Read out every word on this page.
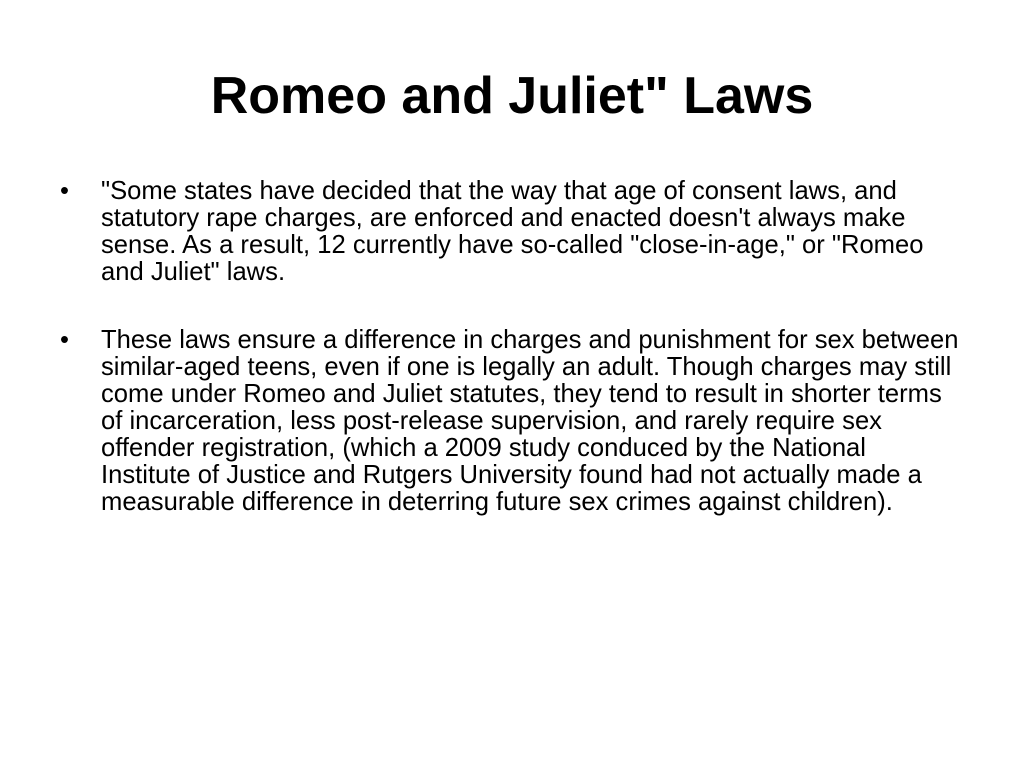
Romeo and Juliet" Laws
•	"Some states have decided that the way that age of consent laws, and statutory rape charges, are enforced and enacted doesn't always make sense. As a result, 12 currently have so-called "close-in-age," or "Romeo and Juliet" laws.
•	These laws ensure a difference in charges and punishment for sex between similar-aged teens, even if one is legally an adult. Though charges may still come under Romeo and Juliet statutes, they tend to result in shorter terms of incarceration, less post-release supervision, and rarely require sex offender registration, (which a 2009 study conduced by the National Institute of Justice and Rutgers University found had not actually made a measurable difference in deterring future sex crimes against children).
